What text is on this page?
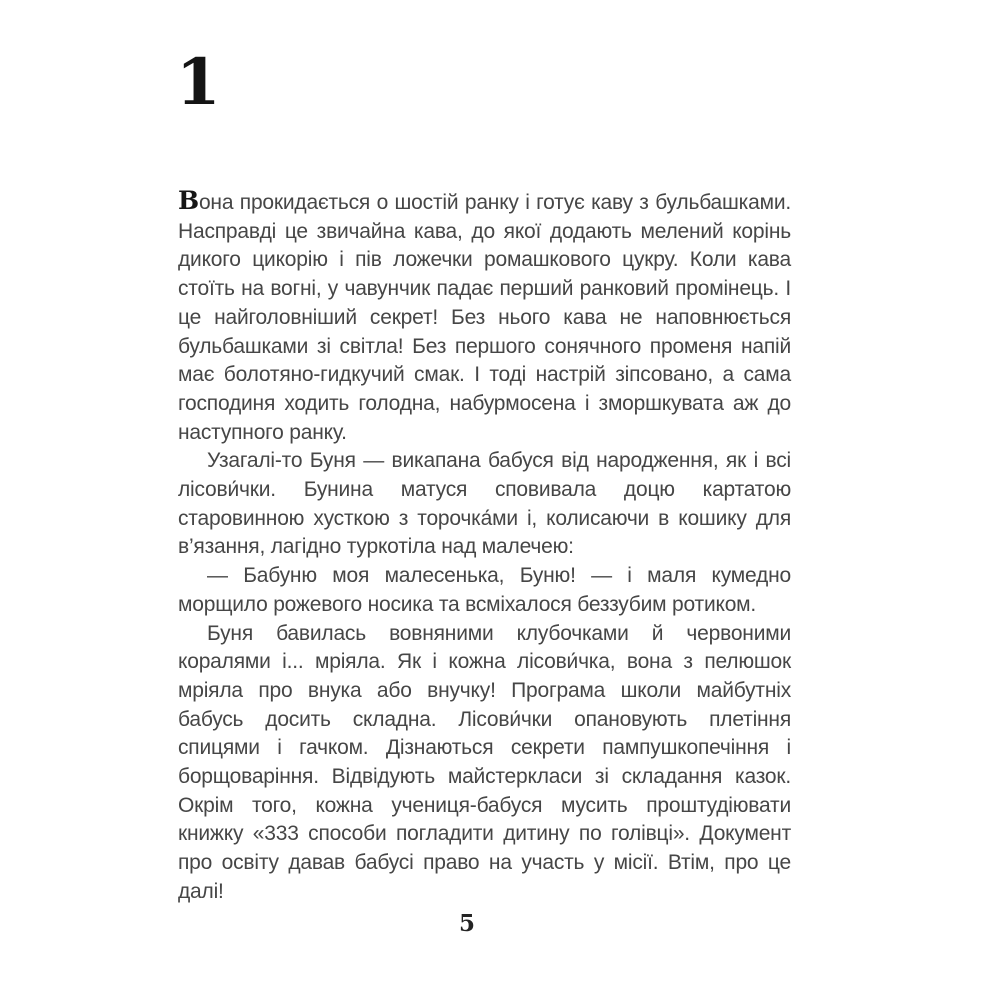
1

Вона прокидається о шостій ранку і готує каву з бульбашками. Насправді це звичайна кава, до якої додають мелений корінь дикого цикорію і пів ложечки ромашкового цукру. Коли кава стоїть на вогні, у чавунчик падає перший ранковий промінець. І це найголовніший секрет! Без нього кава не наповнюється бульбашками зі світла! Без першого сонячного променя напій має болотяно-гидкучий смак. І тоді настрій зіпсовано, а сама господиня ходить голодна, набурмосена і зморшкувата аж до наступного ранку.

Узагалі-то Буня — викапана бабуся від народження, як і всі лісови́чки. Бунина матуся сповивала доцю картатою старовинною хусткою з торочка́ми і, колисаючи в кошику для в’язання, лагідно туркотіла над малечею:

— Бабуню моя малесенька, Буню! — і маля кумедно морщило рожевого носика та всміхалося беззубим ротиком.

Буня бавилась вовняними клубочками й червоними коралями і... мріяла. Як і кожна лісови́чка, вона з пелюшок мріяла про внука або внучку! Програма школи майбутніх бабусь досить складна. Лісови́чки опановують плетіння спицями і гачком. Дізнаються секрети пампушкопечіння і борщоваріння. Відвідують майстеркласи зі складання казок. Окрім того, кожна учениця-бабуся мусить проштудіювати книжку «333 способи погладити дитину по голівці». Документ про освіту давав бабусі право на участь у місії. Втім, про це далі!

5
